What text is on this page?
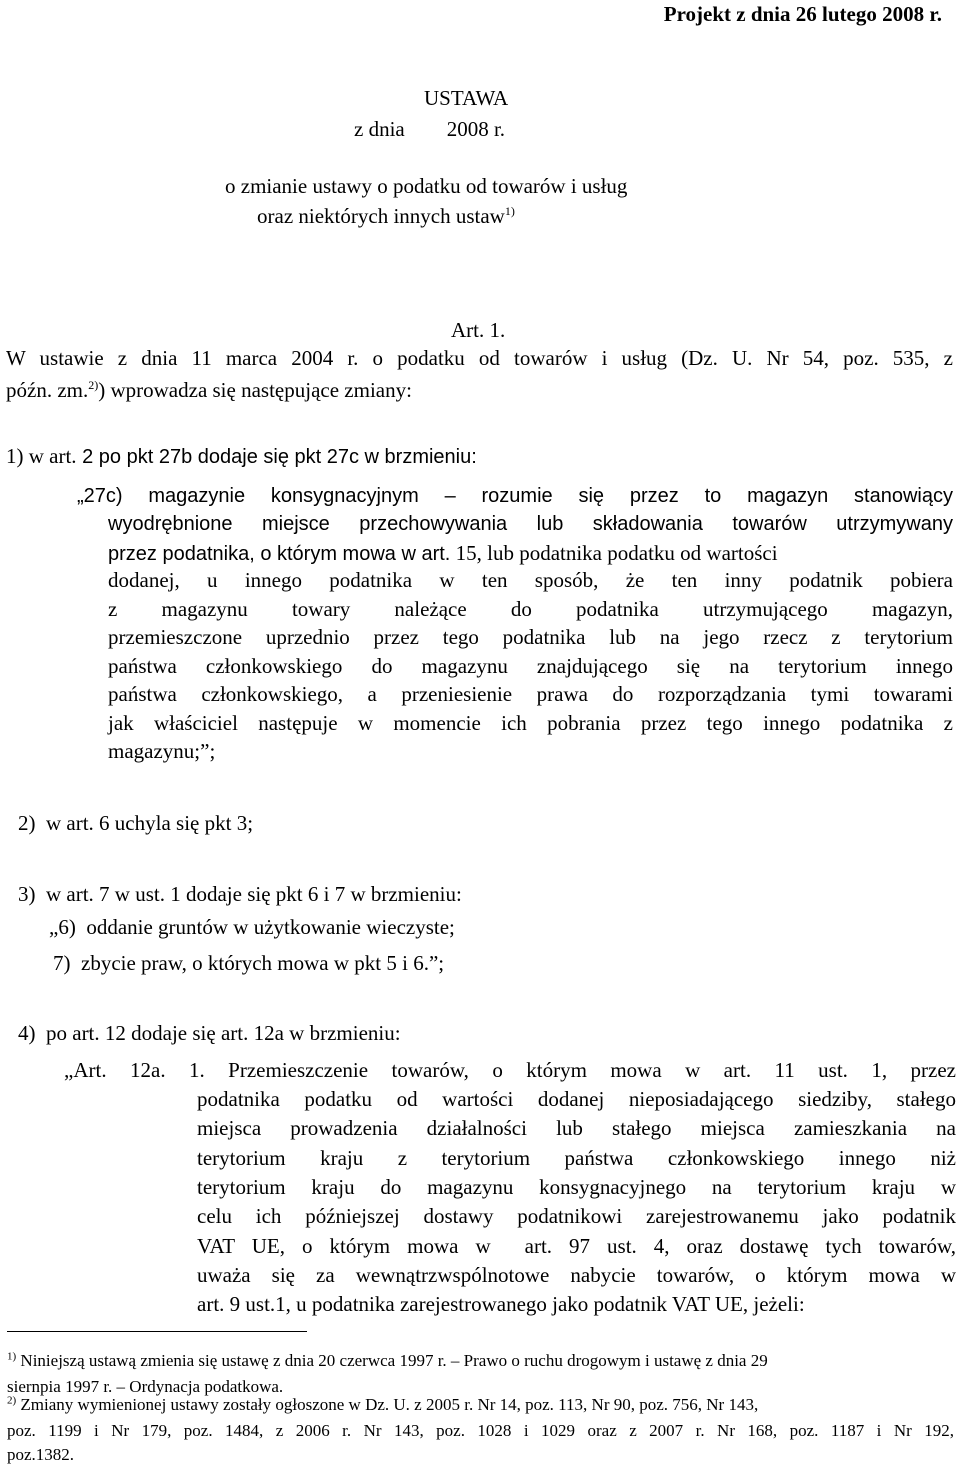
Projekt z dnia 26 lutego 2008 r.
USTAWA
z dnia        2008 r.
o zmianie ustawy o podatku od towarów i usług
oraz niektórych innych ustaw$^{1)}$
Art. 1.
W ustawie z dnia 11 marca 2004 r. o podatku od towarów i usług (Dz. U. Nr 54, poz. 535, z
późn. zm.$^{2)}$) wprowadza się następujące zmiany:
1) w art. 2 po pkt 27b dodaje się pkt 27c w brzmieniu:
„27c) magazynie konsygnacyjnym – rozumie się przez to magazyn stanowiący
wyodrębnione miejsce przechowywania lub składowania towarów utrzymywany
przez podatnika, o którym mowa w art. 15, lub podatnika podatku od wartości
dodanej, u innego podatnika w ten sposób, że ten inny podatnik pobiera
z magazynu towary należące do podatnika utrzymującego magazyn,
przemieszczone uprzednio przez tego podatnika lub na jego rzecz z terytorium
państwa członkowskiego do magazynu znajdującego się na terytorium innego
państwa członkowskiego, a przeniesienie prawa do rozporządzania tymi towarami
jak właściciel następuje w momencie ich pobrania przez tego innego podatnika z
magazynu;”;
2)  w art. 6 uchyla się pkt 3;
3)  w art. 7 w ust. 1 dodaje się pkt 6 i 7 w brzmieniu:
„6)  oddanie gruntów w użytkowanie wieczyste;
7)  zbycie praw, o których mowa w pkt 5 i 6.”;
4)  po art. 12 dodaje się art. 12a w brzmieniu:
„Art. 12a. 1. Przemieszczenie towarów, o którym mowa w art. 11 ust. 1, przez
podatnika podatku od wartości dodanej nieposiadającego siedziby, stałego
miejsca prowadzenia działalności lub stałego miejsca zamieszkania na
terytorium kraju z terytorium państwa członkowskiego innego niż
terytorium kraju do magazynu konsygnacyjnego na terytorium kraju w
celu ich późniejszej dostawy podatnikowi zarejestrowanemu jako podatnik
VAT UE, o którym mowa w  art. 97 ust. 4, oraz dostawę tych towarów,
uważa się za wewnątrzwspólnotowe nabycie towarów, o którym mowa w
art. 9 ust.1, u podatnika zarejestrowanego jako podatnik VAT UE, jeżeli:
$^{1)}$ Niniejszą ustawą zmienia się ustawę z dnia 20 czerwca 1997 r. – Prawo o ruchu drogowym i ustawę z dnia 29
siernpia 1997 r. – Ordynacja podatkowa.
$^{2)}$ Zmiany wymienionej ustawy zostały ogłoszone w Dz. U. z 2005 r. Nr 14, poz. 113, Nr 90, poz. 756, Nr 143,
poz. 1199 i Nr 179, poz. 1484, z 2006 r. Nr 143, poz. 1028 i 1029 oraz z 2007 r. Nr 168, poz. 1187 i Nr 192,
poz.1382.
